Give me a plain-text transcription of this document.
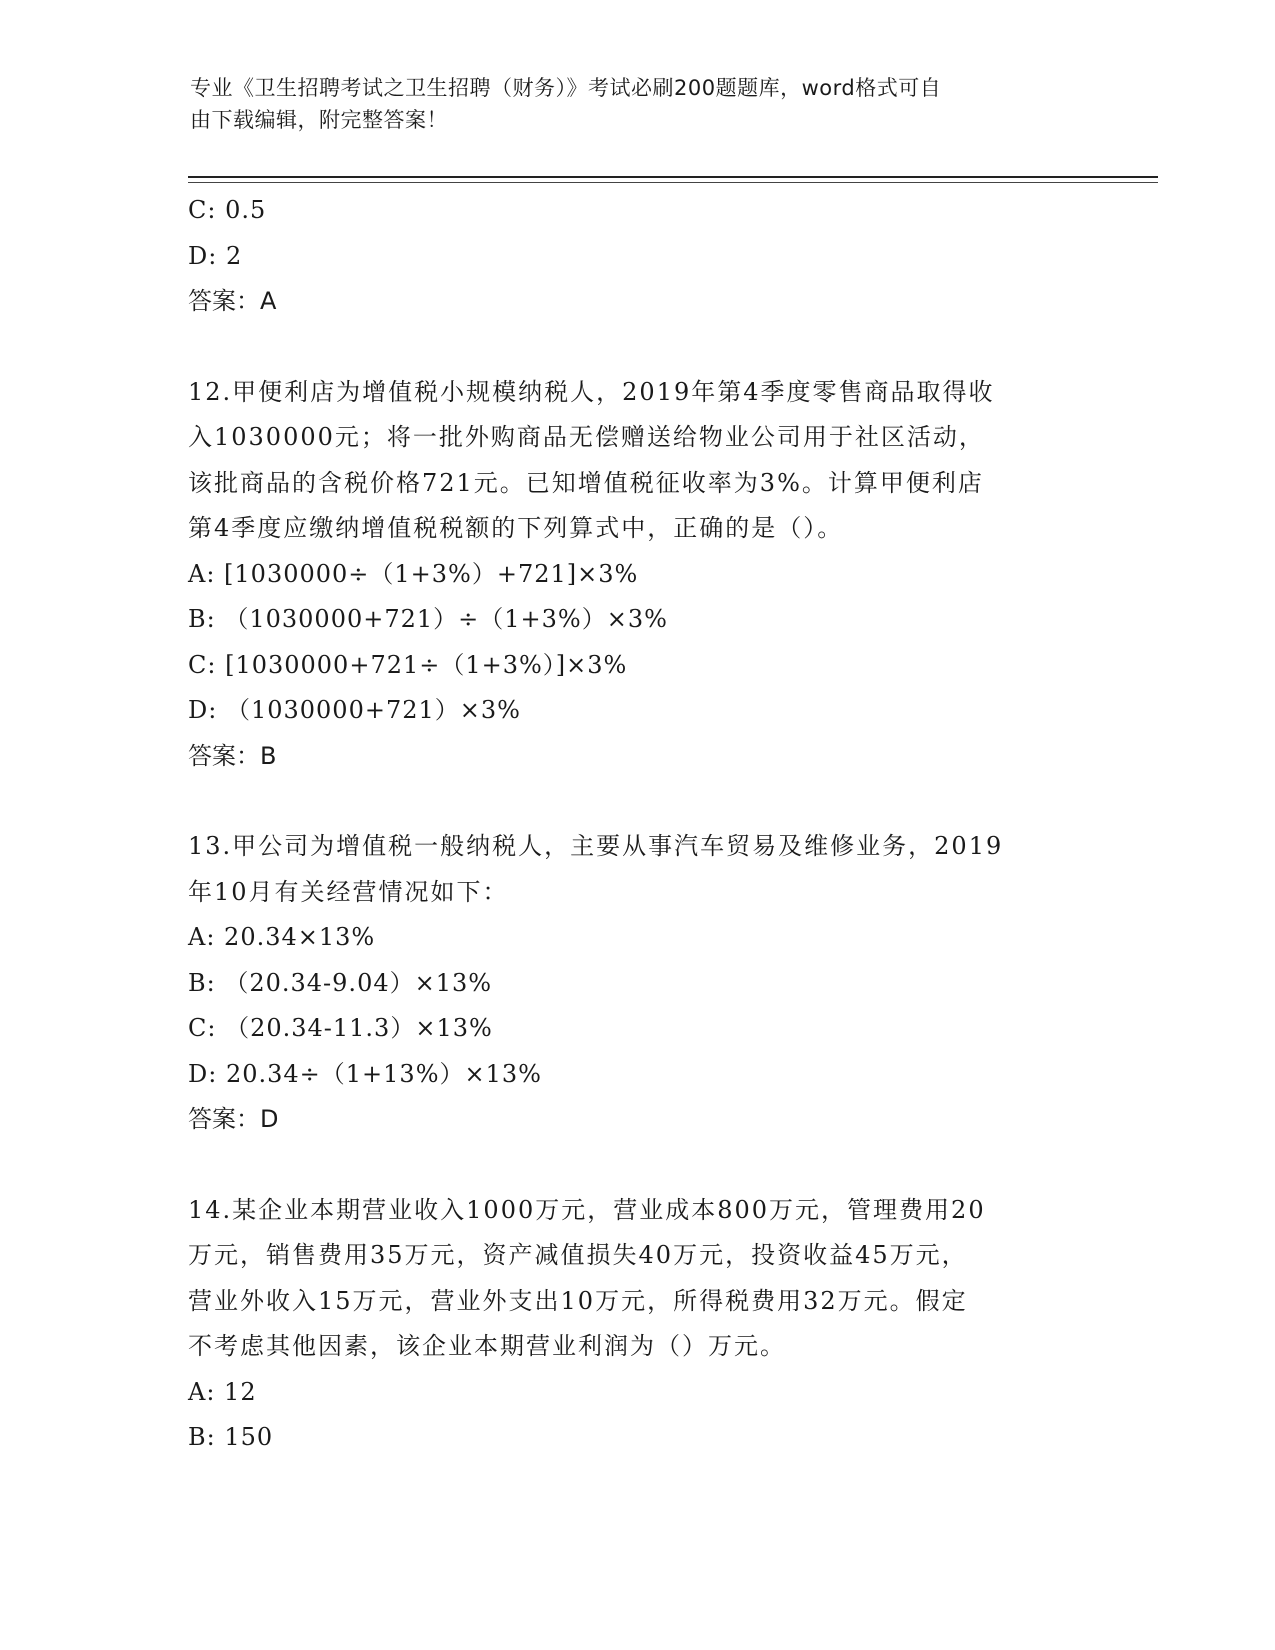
专业《卫生招聘考试之卫生招聘（财务）》考试必刷200题题库，word格式可自
由下载编辑，附完整答案！
C: 0.5
D: 2
答案：A
12.甲便利店为增值税小规模纳税人，2019年第4季度零售商品取得收
入1030000元；将一批外购商品无偿赠送给物业公司用于社区活动，
该批商品的含税价格721元。已知增值税征收率为3%。计算甲便利店
第4季度应缴纳增值税税额的下列算式中，正确的是（）。
A: [1030000÷（1+3%）+721]×3%
B: （1030000+721）÷（1+3%）×3%
C: [1030000+721÷（1+3%）]×3%
D: （1030000+721）×3%
答案：B
13.甲公司为增值税一般纳税人，主要从事汽车贸易及维修业务，2019
年10月有关经营情况如下：
A: 20.34×13%
B: （20.34-9.04）×13%
C: （20.34-11.3）×13%
D: 20.34÷（1+13%）×13%
答案：D
14.某企业本期营业收入1000万元，营业成本800万元，管理费用20
万元，销售费用35万元，资产减值损失40万元，投资收益45万元，
营业外收入15万元，营业外支出10万元，所得税费用32万元。假定
不考虑其他因素，该企业本期营业利润为（）万元。
A: 12
B: 150
